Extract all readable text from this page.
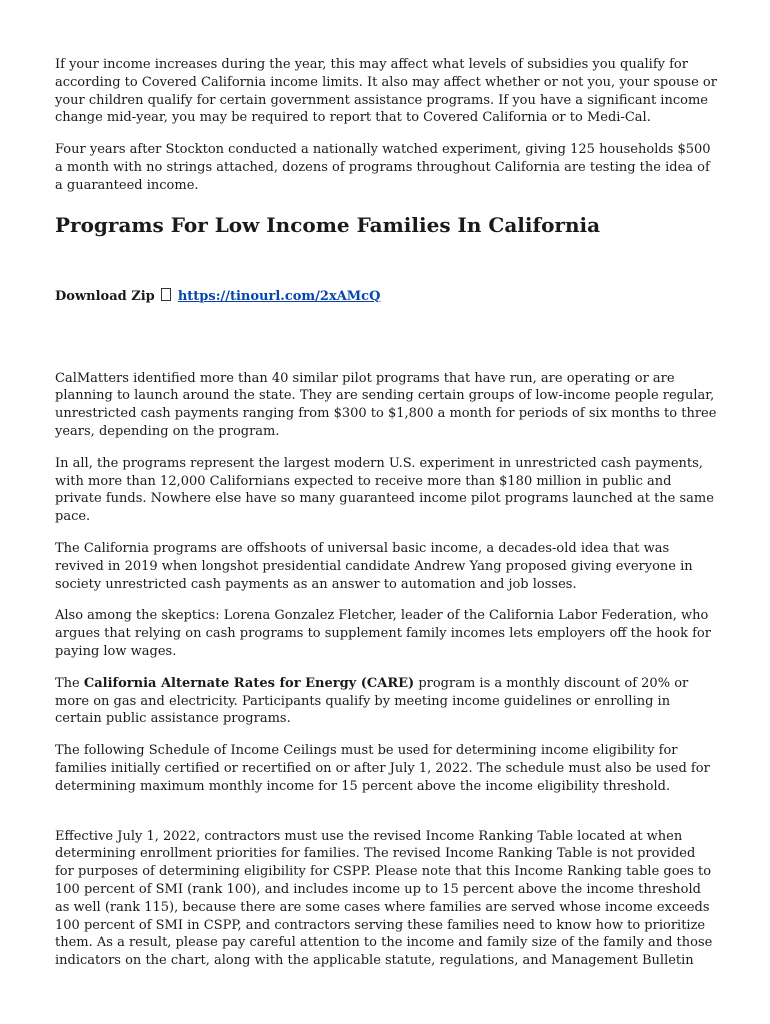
If your income increases during the year, this may affect what levels of subsidies you qualify for according to Covered California income limits. It also may affect whether or not you, your spouse or your children qualify for certain government assistance programs. If you have a significant income change mid-year, you may be required to report that to Covered California or to Medi-Cal.

Four years after Stockton conducted a nationally watched experiment, giving 125 households $500 a month with no strings attached, dozens of programs throughout California are testing the idea of a guaranteed income.

Programs For Low Income Families In California
Download Zip https://tinourl.com/2xAMcQ

CalMatters identified more than 40 similar pilot programs that have run, are operating or are planning to launch around the state. They are sending certain groups of low-income people regular, unrestricted cash payments ranging from $300 to $1,800 a month for periods of six months to three years, depending on the program.

In all, the programs represent the largest modern U.S. experiment in unrestricted cash payments, with more than 12,000 Californians expected to receive more than $180 million in public and private funds. Nowhere else have so many guaranteed income pilot programs launched at the same pace.

The California programs are offshoots of universal basic income, a decades-old idea that was revived in 2019 when longshot presidential candidate Andrew Yang proposed giving everyone in society unrestricted cash payments as an answer to automation and job losses.

Also among the skeptics: Lorena Gonzalez Fletcher, leader of the California Labor Federation, who argues that relying on cash programs to supplement family incomes lets employers off the hook for paying low wages.

The California Alternate Rates for Energy (CARE) program is a monthly discount of 20% or more on gas and electricity. Participants qualify by meeting income guidelines or enrolling in certain public assistance programs.

The following Schedule of Income Ceilings must be used for determining income eligibility for families initially certified or recertified on or after July 1, 2022. The schedule must also be used for determining maximum monthly income for 15 percent above the income eligibility threshold.

Effective July 1, 2022, contractors must use the revised Income Ranking Table located at when determining enrollment priorities for families. The revised Income Ranking Table is not provided for purposes of determining eligibility for CSPP. Please note that this Income Ranking table goes to 100 percent of SMI (rank 100), and includes income up to 15 percent above the income threshold as well (rank 115), because there are some cases where families are served whose income exceeds 100 percent of SMI in CSPP, and contractors serving these families need to know how to prioritize them. As a result, please pay careful attention to the income and family size of the family and those indicators on the chart, along with the applicable statute, regulations, and Management Bulletin
